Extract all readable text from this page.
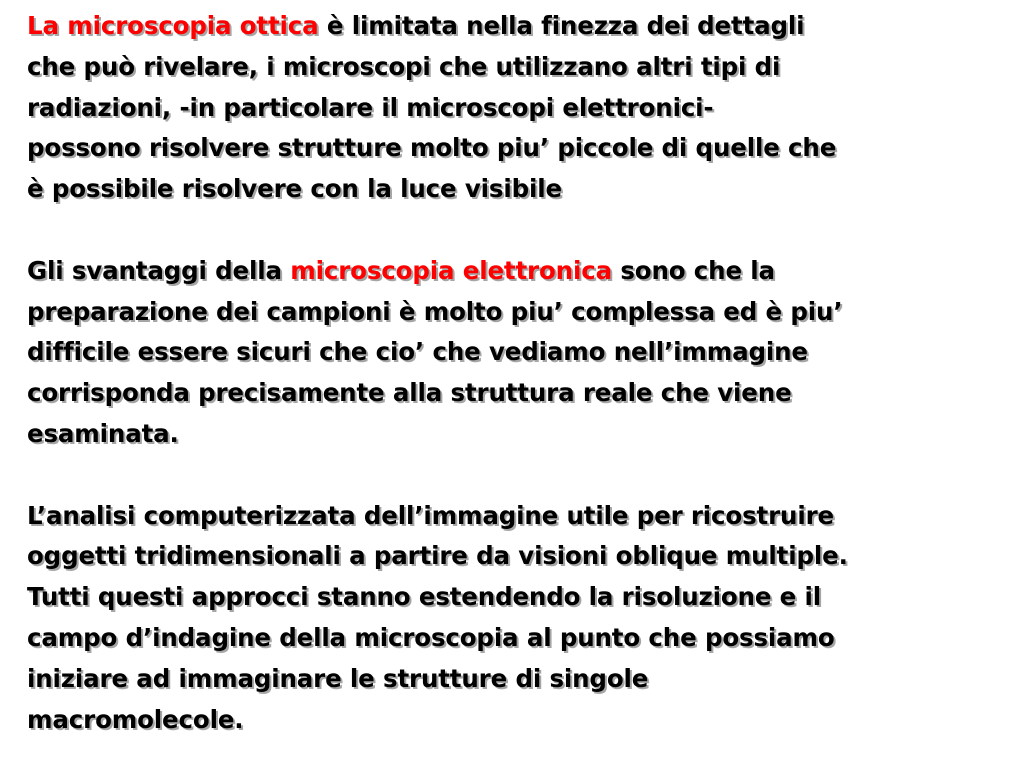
La microscopia ottica è limitata nella finezza dei dettagli
che può rivelare, i microscopi che utilizzano altri tipi di
radiazioni, -in particolare il microscopi elettronici-
possono risolvere strutture molto piu’ piccole di quelle che
è possibile risolvere con la luce visibile

Gli svantaggi della microscopia elettronica sono che la
preparazione dei campioni è molto piu’ complessa ed è piu’
difficile essere sicuri che cio’ che vediamo nell’immagine
corrisponda precisamente alla struttura reale che viene
esaminata.

L’analisi computerizzata dell’immagine utile per ricostruire
oggetti tridimensionali a partire da visioni oblique multiple.
Tutti questi approcci stanno estendendo la risoluzione e il
campo d’indagine della microscopia al punto che possiamo
iniziare ad immaginare le strutture di singole
macromolecole.
